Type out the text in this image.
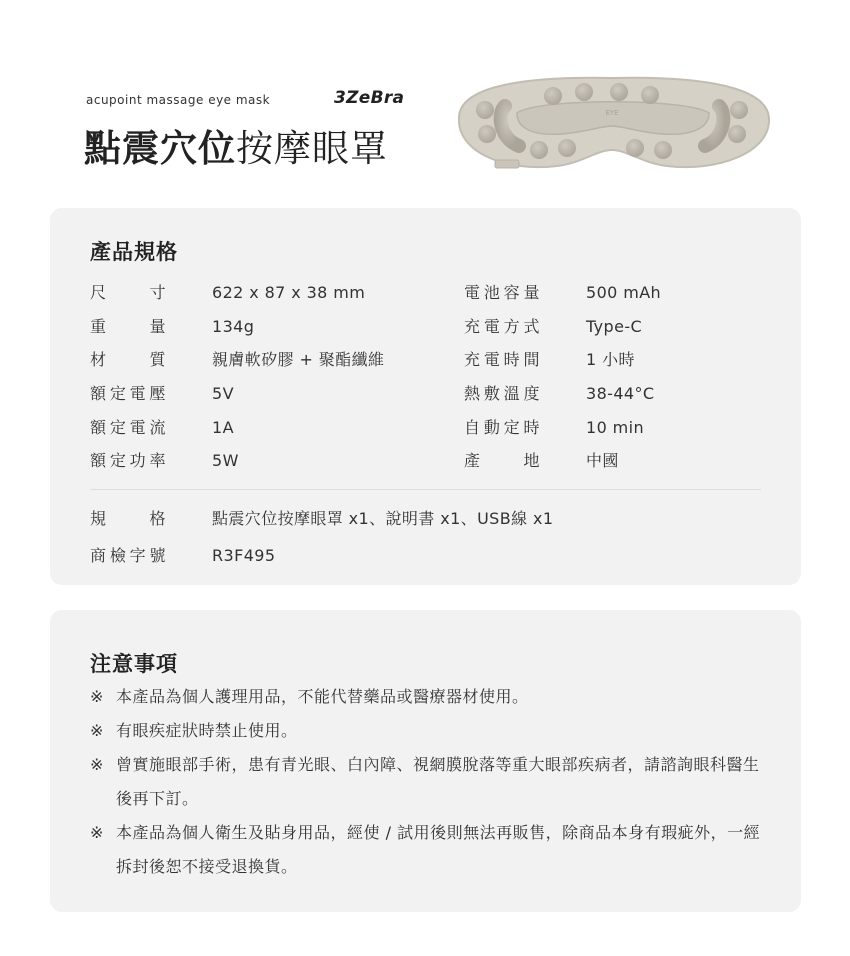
acupoint massage eye mask	3ZeBra
點震穴位按摩眼罩
EYE
產品規格
尺寸	622 x 87 x 38 mm
重量	134g
材質	親膚軟矽膠 + 聚酯纖維
額定電壓	5V
額定電流	1A
額定功率	5W
電池容量	500 mAh
充電方式	Type-C
充電時間	1 小時
熱敷溫度	38-44°C
自動定時	10 min
產地	中國
規格	點震穴位按摩眼罩 x1、說明書 x1、USB線 x1
商檢字號	R3F495
注意事項
※ 本產品為個人護理用品，不能代替藥品或醫療器材使用。
※ 有眼疾症狀時禁止使用。
※ 曾實施眼部手術，患有青光眼、白內障、視網膜脫落等重大眼部疾病者，請諮詢眼科醫生後再下訂。
※ 本產品為個人衛生及貼身用品，經使 / 試用後則無法再販售，除商品本身有瑕疵外，一經拆封後恕不接受退換貨。
